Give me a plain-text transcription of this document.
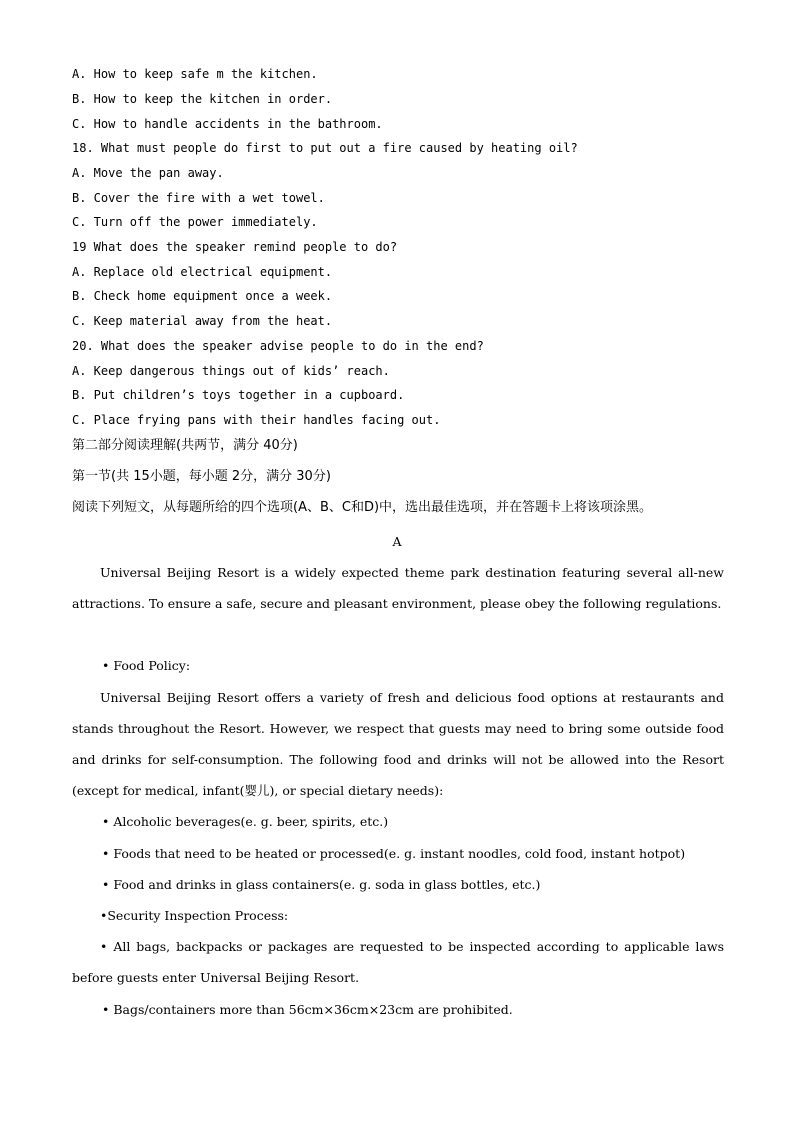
A. How to keep safe m the kitchen.
B. How to keep the kitchen in order.
C. How to handle accidents in the bathroom.
18. What must people do first to put out a fire caused by heating oil?
A. Move the pan away.
B. Cover the fire with a wet towel.
C. Turn off the power immediately.
19 What does the speaker remind people to do?
A. Replace old electrical equipment.
B. Check home equipment once a week.
C. Keep material away from the heat.
20. What does the speaker advise people to do in the end?
A. Keep dangerous things out of kids’ reach.
B. Put children’s toys together in a cupboard.
C. Place frying pans with their handles facing out.
第二部分阅读理解(共两节，满分 40分)
第一节(共 15小题，每小题 2分，满分 30分)
阅读下列短文，从每题所给的四个选项(A、B、C和D)中，选出最佳选项，并在答题卡上将该项涂黑。
A
Universal Beijing Resort is a widely expected theme park destination featuring several all-new attractions. To ensure a safe, secure and pleasant environment, please obey the following regulations.
• Food Policy:
Universal Beijing Resort offers a variety of fresh and delicious food options at restaurants and stands throughout the Resort. However, we respect that guests may need to bring some outside food and drinks for self-consumption. The following food and drinks will not be allowed into the Resort (except for medical, infant(婴儿), or special dietary needs):
• Alcoholic beverages(e. g. beer, spirits, etc.)
• Foods that need to be heated or processed(e. g. instant noodles, cold food, instant hotpot)
• Food and drinks in glass containers(e. g. soda in glass bottles, etc.)
•Security Inspection Process:
• All bags, backpacks or packages are requested to be inspected according to applicable laws before guests enter Universal Beijing Resort.
• Bags/containers more than 56cm×36cm×23cm are prohibited.
